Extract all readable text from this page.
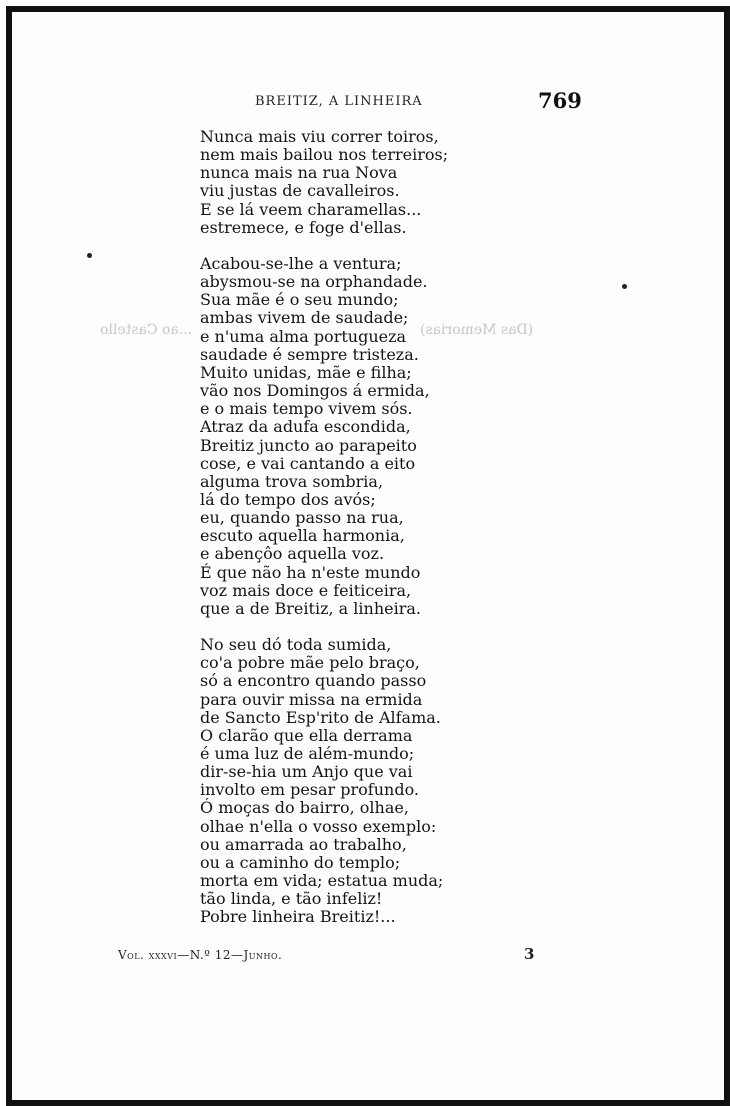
BREITIZ, A LINHEIRA	769
...ao Castello	(Das Memorias)
Nunca mais viu correr toiros,
nem mais bailou nos terreiros;
nunca mais na rua Nova
viu justas de cavalleiros.
E se lá veem charamellas...
estremece, e foge d'ellas.
Acabou-se-lhe a ventura;
abysmou-se na orphandade.
Sua mãe é o seu mundo;
ambas vivem de saudade;
e n'uma alma portugueza
saudade é sempre tristeza.
Muito unidas, mãe e filha;
vão nos Domingos á ermida,
e o mais tempo vivem sós.
Atraz da adufa escondida,
Breitiz juncto ao parapeito
cose, e vai cantando a eito
alguma trova sombria,
lá do tempo dos avós;
eu, quando passo na rua,
escuto aquella harmonia,
e abençôo aquella voz.
É que não ha n'este mundo
voz mais doce e feiticeira,
que a de Breitiz, a linheira.
No seu dó toda sumida,
co'a pobre mãe pelo braço,
só a encontro quando passo
para ouvir missa na ermida
de Sancto Esp'rito de Alfama.
O clarão que ella derrama
é uma luz de além-mundo;
dir-se-hia um Anjo que vai
involto em pesar profundo.
Ó moças do bairro, olhae,
olhae n'ella o vosso exemplo:
ou amarrada ao trabalho,
ou a caminho do templo;
morta em vida; estatua muda;
tão linda, e tão infeliz!
Pobre linheira Breitiz!...
Vol. xxxvi—N.º 12—Junho.	3
